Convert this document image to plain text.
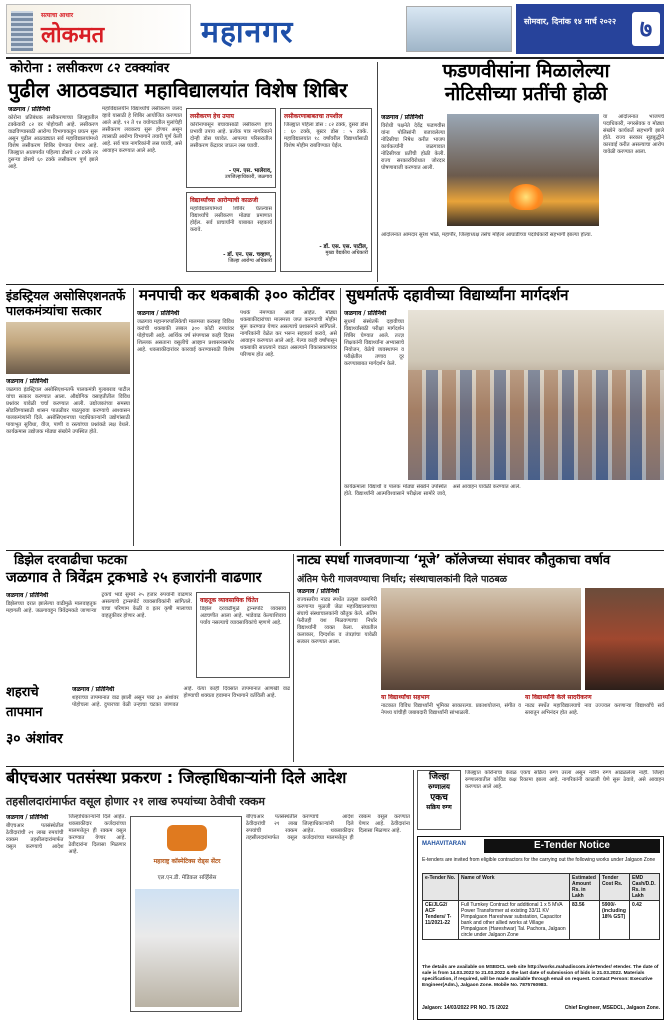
सत्याचा आधार
लोकमत	महानगर	सोमवार, दिनांक १४ मार्च २०२२ ७
कोरोना : लसीकरण ८२ टक्क्यांवर
पुढील आठवड्यात महाविद्यालयांत विशेष शिबिर
जळगाव / प्रतिनिधी
कोरोना प्रतिबंधक लसीकरणाच्या जिल्ह्यातील टक्केवारी ८२ वर पोहोचली आहे. लसीकरण वाढविण्यासाठी आरोग्य विभागाकडून प्रयत्न सुरू असून पुढील आठवड्यात सर्व महाविद्यालयांमध्ये विशेष लसीकरण शिबिर घेण्यात येणार आहे. जिल्ह्यात आतापर्यंत पहिल्या डोसचे ८२ टक्के तर दुसऱ्या डोसचे ६० टक्के लसीकरण पूर्ण झाले आहे.
महाविद्यालयीन विद्यार्थ्यांचे लसीकरण जलद व्हावे यासाठी हे शिबिर आयोजित करण्यात आले आहे. १२ ते १४ वयोगटातील मुलांचेही लसीकरण लवकरच सुरू होणार असून त्यासाठी आरोग्य विभागाने तयारी पूर्ण केली आहे. सर्व पात्र नागरिकांनी लस घ्यावी, असे आवाहन करण्यात आले आहे.
लसीकरण हेच उपाय
कोरोनापासून बचावासाठी लसीकरण हाच प्रभावी उपाय आहे. प्रत्येक पात्र नागरिकाने दोन्ही डोस घ्यावेत. आपल्या परिसरातील लसीकरण केंद्रावर जाऊन लस घ्यावी.
- एम. एस. भालेराव,
उपजिल्हाधिकारी, जळगाव
विद्यार्थ्यांच्या आरोग्याची काळजी
महाविद्यालयांमध्ये शिबिर घेतल्यास विद्यार्थ्यांचे लसीकरण मोठ्या प्रमाणात होईल. सर्व प्राचार्यांनी याबाबत सहकार्य करावे.
- डॉ. एन. एस. चव्हाण,
जिल्हा आरोग्य अधिकारी
लसीकरणाबाबतचा तपशील
जिल्ह्यात पहिला डोस : ८२ टक्के, दुसरा डोस : ६० टक्के, बूस्टर डोस : ५ टक्के. महाविद्यालयांत १८ वर्षांवरील विद्यार्थ्यांसाठी विशेष मोहीम राबविण्यात येईल.
- डॉ. एस. एस. पाटील,
मुख्य वैद्यकीय अधिकारी
फडणवीसांना मिळालेल्या
नोटिसीच्या प्रतींची होळी
जळगाव / प्रतिनिधी
विरोधी पक्षनेते देवेंद्र फडणवीस यांना पोलिसांनी बजावलेल्या नोटिसीचा निषेध करीत भाजप कार्यकर्त्यांनी जळगावात नोटिसीच्या प्रतींची होळी केली. राज्य सरकारविरोधात जोरदार घोषणाबाजी करण्यात आली.
या आंदोलनात भाजपचे पदाधिकारी, नगरसेवक व मोठ्या संख्येने कार्यकर्ते सहभागी झाले होते. राज्य सरकार सूडबुद्धीने कारवाई करीत असल्याचा आरोप यावेळी करण्यात आला.
आंदोलनात आमदार सुरेश भोळे, महापौर, जिल्हाध्यक्ष तसेच महिला आघाडीच्या पदाधिकारी सहभागी झाल्या होत्या.
इंडस्ट्रियल असोसिएशनतर्फे पालकमंत्र्यांचा सत्कार
जळगाव / प्रतिनिधी
जळगाव इंडस्ट्रियल असोसिएशनतर्फे पालकमंत्री गुलाबराव पाटील यांचा सत्कार करण्यात आला. औद्योगिक वसाहतीतील विविध प्रश्नांवर यावेळी चर्चा करण्यात आली. उद्योजकांच्या समस्या सोडविण्यासाठी शासन पातळीवर पाठपुरावा करण्याचे आश्वासन पालकमंत्र्यांनी दिले. असोसिएशनच्या पदाधिकाऱ्यांनी उद्योगांसाठी पायाभूत सुविधा, वीज, पाणी व रस्त्यांच्या प्रश्नांकडे लक्ष वेधले. कार्यक्रमास उद्योजक मोठ्या संख्येने उपस्थित होते.
मनपाची कर थकबाकी ३०० कोटींवर
जळगाव / प्रतिनिधी
जळगाव महानगरपालिकेची मालमत्ता करासह विविध करांची थकबाकी तब्बल ३०० कोटी रुपयांवर पोहोचली आहे. आर्थिक वर्ष संपण्यास काही दिवस शिल्लक असताना वसुलीचे आव्हान प्रशासनासमोर आहे. थकबाकीदारांवर कारवाई करण्यासाठी विशेष पथके नेमण्यात आली आहेत. मोठ्या थकबाकीदारांच्या मालमत्ता जप्त करण्याची मोहीम सुरू करण्यात येणार असल्याचे प्रशासनाने सांगितले. नागरिकांनी वेळेत कर भरून सहकार्य करावे, असे आवाहन करण्यात आले आहे. गेल्या काही वर्षांपासून थकबाकी सातत्याने वाढत असल्याने विकासकामांवर परिणाम होत आहे.
सुधर्मातर्फे दहावीच्या विद्यार्थ्यांना मार्गदर्शन
जळगाव / प्रतिनिधी
सुधर्मा संस्थेतर्फे दहावीच्या विद्यार्थ्यांसाठी परीक्षा मार्गदर्शन शिबिर घेण्यात आले. तज्ज्ञ शिक्षकांनी विद्यार्थ्यांना अभ्यासाचे नियोजन, वेळेचे व्यवस्थापन व परीक्षेतील तणाव दूर करण्याबाबत मार्गदर्शन केले.
कार्यक्रमाला विद्यार्थी व पालक मोठ्या संख्येने उपस्थित होते. विद्यार्थ्यांनी आत्मविश्वासाने परीक्षेला सामोरे जावे, असे आवाहन यावेळी करण्यात आले.
डिझेल दरवाढीचा फटका
जळगाव ते त्रिवेंद्रम ट्रकभाडे २५ हजारांनी वाढणार
जळगाव / प्रतिनिधी
डिझेलच्या दरात झालेल्या वाढीमुळे मालवाहतूक महागली आहे. जळगावहून त्रिवेंद्रमकडे जाणाऱ्या ट्रकचे भाडे सुमारे २५ हजार रुपयांनी वाढणार असल्याचे ट्रान्सपोर्ट व्यावसायिकांनी सांगितले. याचा परिणाम केळी व इतर कृषी मालाच्या वाहतुकीवर होणार आहे.
वाहतूक व्यावसायिक चिंतेत
डिझेल दरवाढीमुळे ट्रान्सपोर्ट व्यवसाय अडचणीत आला आहे. भाडेवाढ केल्याशिवाय पर्याय नसल्याचे व्यावसायिकांचे म्हणणे आहे.
शहराचे
तापमान
३० अंशांवर
जळगाव / प्रतिनिधी
शहराच्या तापमानात वाढ झाली असून पारा ३० अंशांवर पोहोचला आहे. दुपारच्या वेळी उन्हाचा चटका जाणवत आहे. येत्या काही दिवसांत तापमानात आणखी वाढ होण्याची शक्यता हवामान विभागाने वर्तविली आहे.
नाट्य स्पर्धा गाजवणाऱ्या ‘मूजे’ कॉलेजच्या संघावर कौतुकाचा वर्षाव
अंतिम फेरी गाजवण्याचा निर्धार; संस्थाचालकांनी दिले पाठबळ
जळगाव / प्रतिनिधी
राज्यस्तरीय नाट्य स्पर्धेत उत्कृष्ट कामगिरी करणाऱ्या मूळजी जेठा महाविद्यालयाच्या संघाचे संस्थाचालकांनी कौतुक केले. अंतिम फेरीतही यश मिळवण्याचा निर्धार विद्यार्थ्यांनी व्यक्त केला. संघातील कलाकार, दिग्दर्शक व तंत्रज्ञांचा यावेळी सत्कार करण्यात आला.
या विद्यार्थ्यांचा सहभाग
नाटकात विविध विद्यार्थ्यांनी भूमिका साकारल्या. प्रकाशयोजना, संगीत व नेपथ्य यांचीही जबाबदारी विद्यार्थ्यांनी सांभाळली.
या विद्यार्थ्यांनी केले सादरीकरण
नाट्य स्पर्धेत महाविद्यालयाचे नाव उज्ज्वल करणाऱ्या विद्यार्थ्यांचे सर्व स्तरातून अभिनंदन होत आहे.
बीएचआर पतसंस्था प्रकरण : जिल्हाधिकाऱ्यांनी दिले आदेश
तहसीलदारांमार्फत वसूल होणार २१ लाख रुपयांच्या ठेवीची रक्कम
जळगाव / प्रतिनिधी
बीएचआर पतसंस्थेतील ठेवीदारांची २१ लाख रुपयांची रक्कम तहसीलदारांमार्फत वसूल करण्याचे आदेश जिल्हाधिकाऱ्यांनी दिले आहेत. थकबाकीदार कर्जदारांच्या मालमत्तेतून ही रक्कम वसूल करण्यात येणार आहे. ठेवीदारांना दिलासा मिळणार आहे.
महाराष्ट्र कॉस्मेटिक्स रोड्स सेंटर
एल.एन.डी. मेडिकल सर्व्हिसेस
बीएचआर पतसंस्थेतील ठेवीदारांची २१ लाख रुपयांची रक्कम तहसीलदारांमार्फत वसूल करण्याचे आदेश जिल्हाधिकाऱ्यांनी दिले आहेत. थकबाकीदार कर्जदारांच्या मालमत्तेतून ही रक्कम वसूल करण्यात येणार आहे. ठेवीदारांना दिलासा मिळणार आहे.
जिल्हा
रुग्णालय
एकच
सक्रिय रुग्ण
जिल्ह्यात कोरोनाचा केवळ एकच सक्रिय रुग्ण उरला असून नवीन रुग्ण आढळलेला नाही. जिल्हा रुग्णालयातील कोविड कक्ष रिकामा झाला आहे. नागरिकांनी काळजी घेणे सुरू ठेवावे, असे आवाहन करण्यात आले आहे.
MAHAVITARAN	E-Tender Notice
E-tenders are invited from eligible contractors for the carrying out the following works under Jalgaon Zone
e-Tender No.	Name of Work	Estimated Amount Rs. in Lakh	Tender Cost Rs.	EMD Cash/D.D. Rs. in Lakh
CE/JLG2/ ACF Tenders/ T-11/2021-22	Full Turnkey Contract for additional 1 x 5 MVA Power Transformer at existing 33/11 KV Pimpalgaon Hareshwar substation, Capacitor bank and other allied works at Village Pimpalgaon (Hareshwar) Tal. Pachora, Jalgaon circle under Jalgaon Zone	83.56	5900/- (including 18% GST)	0.42
The details are available on MSEDCL web site http://works.mahadiscom.in/eTender/ etender. The date of sale is from 14.03.2022 to 21.03.2022 & the last date of submission of bids is 21.03.2022. Materials specification, if required, will be made available through email on request. Contact Person: Executive Engineer(Adm.), Jalgaon Zone. Mobile No. 7875760983.
Jalgaon: 14/03/2022 PR NO. 75 /2022	Chief Engineer, MSEDCL, Jalgaon Zone.
